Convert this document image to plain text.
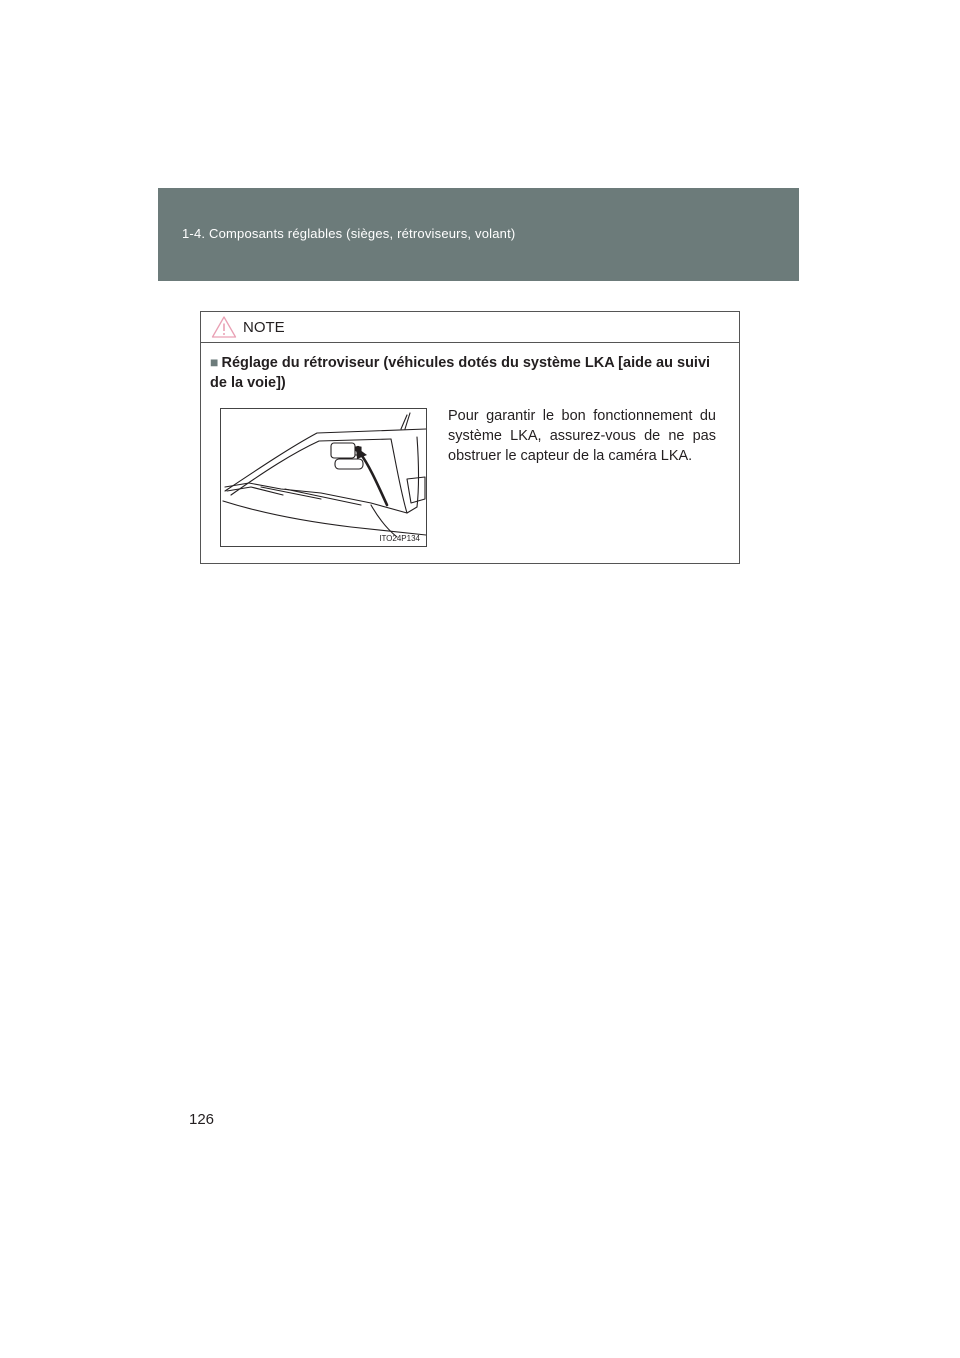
1-4. Composants réglables (sièges, rétroviseurs, volant)
NOTE
■ Réglage du rétroviseur (véhicules dotés du système LKA [aide au suivi de la voie])
ITO24P134
Pour garantir le bon fonctionnement du système LKA, assurez-vous de ne pas obstruer le capteur de la caméra LKA.
126
